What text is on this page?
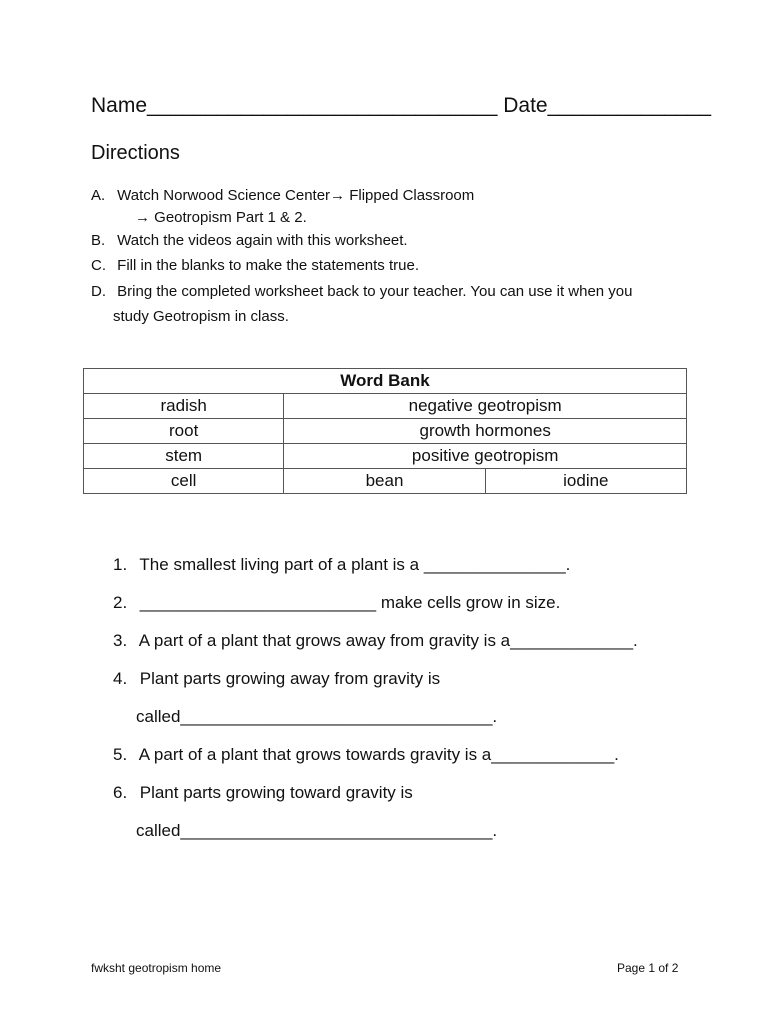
Name______________________________ Date______________
Directions
A. Watch Norwood Science Center→ Flipped Classroom
→ Geotropism Part 1 & 2.
B. Watch the videos again with this worksheet.
C. Fill in the blanks to make the statements true.
D. Bring the completed worksheet back to your teacher. You can use it when you
study Geotropism in class.
Word Bank		
radish	negative geotropism	
root	growth hormones	
stem	positive geotropism	
cell	bean	iodine
1. The smallest living part of a plant is a _______________.
2. _________________________ make cells grow in size.
3. A part of a plant that grows away from gravity is a_____________.
4. Plant parts growing away from gravity is
called_________________________________.
5. A part of a plant that grows towards gravity is a_____________.
6. Plant parts growing toward gravity is
called_________________________________.
fwksht geotropism home	Page 1 of 2
